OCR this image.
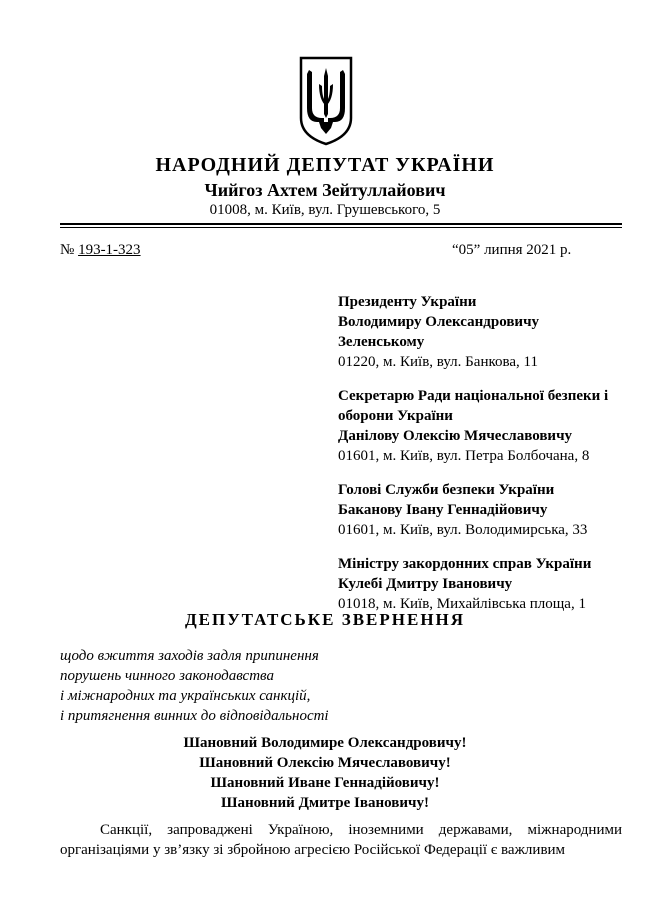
НАРОДНИЙ ДЕПУТАТ УКРАЇНИ
Чийгоз Ахтем Зейтуллайович
01008, м. Київ, вул. Грушевського, 5
№ 193-1-323	“05” липня 2021 р.
Президенту України
Володимиру Олександровичу
Зеленському
01220, м. Київ, вул. Банкова, 11
Секретарю Ради національної безпеки і
оборони України
Данілову Олексію Мячеславовичу
01601, м. Київ, вул. Петра Болбочана, 8
Голові Служби безпеки України
Баканову Івану Геннадійовичу
01601, м. Київ, вул. Володимирська, 33
Міністру закордонних справ України
Кулебі Дмитру Івановичу
01018, м. Київ, Михайлівська площа, 1
ДЕПУТАТСЬКЕ ЗВЕРНЕННЯ
щодо вжиття заходів задля припинення
порушень чинного законодавства
і міжнародних та українських санкцій,
і притягнення винних до відповідальності
Шановний Володимире Олександровичу!
Шановний Олексію Мячеславовичу!
Шановний Иване Геннадійовичу!
Шановний Дмитре Івановичу!
Санкції, запроваджені Україною, іноземними державами, міжнародними організаціями у зв’язку зі збройною агресією Російської Федерації є важливим
